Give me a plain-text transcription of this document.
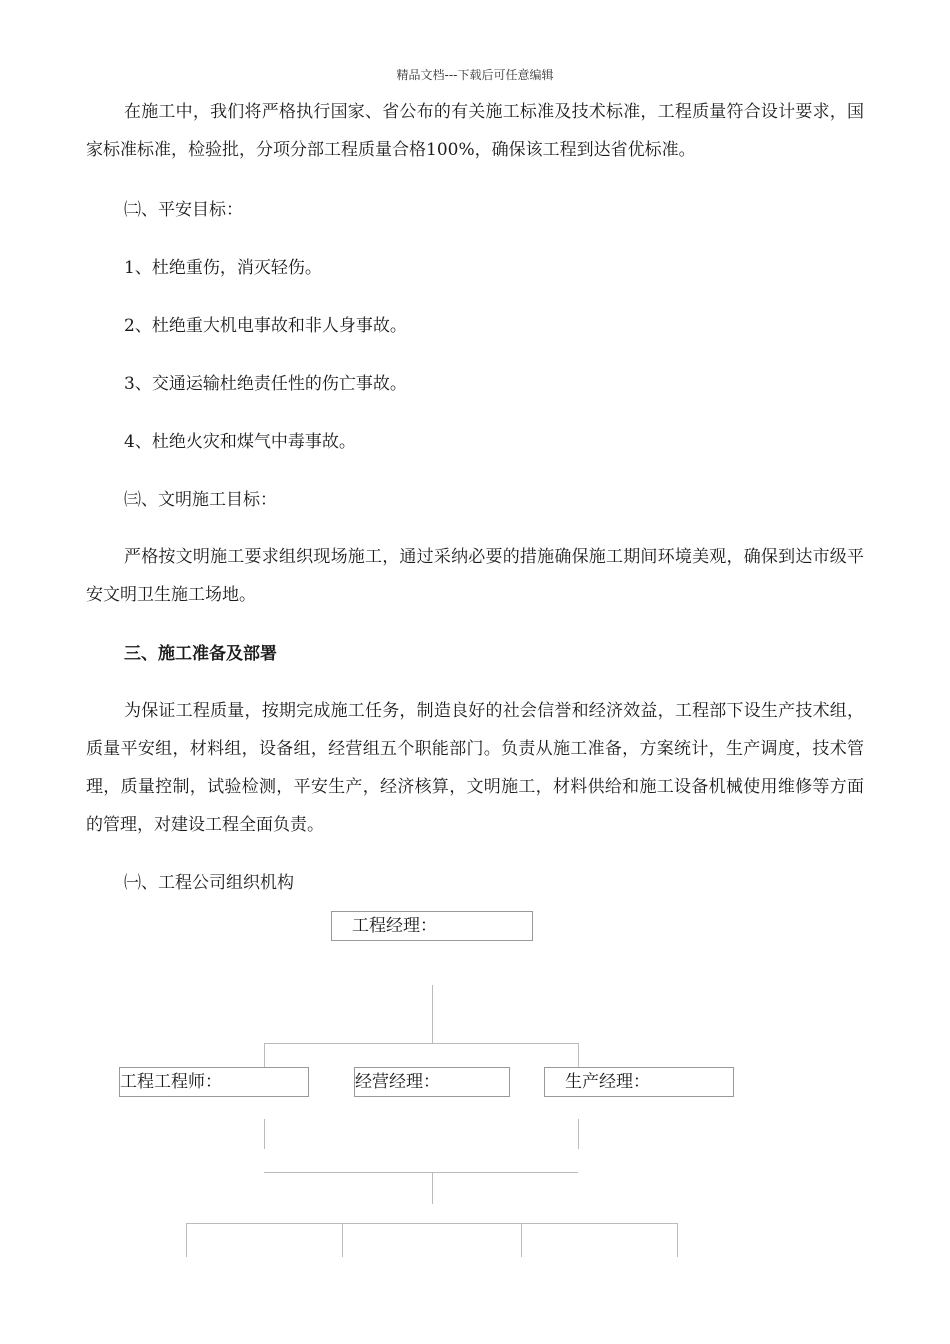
精品文档---下载后可任意编辑

在施工中，我们将严格执行国家、省公布的有关施工标准及技术标准，工程质量符合设计要求，国家标准标准，检验批，分项分部工程质量合格100%，确保该工程到达省优标准。

㈡、平安目标：
1、杜绝重伤，消灭轻伤。
2、杜绝重大机电事故和非人身事故。
3、交通运输杜绝责任性的伤亡事故。
4、杜绝火灾和煤气中毒事故。
㈢、文明施工目标：

严格按文明施工要求组织现场施工，通过采纳必要的措施确保施工期间环境美观，确保到达市级平安文明卫生施工场地。

三、施工准备及部署

为保证工程质量，按期完成施工任务，制造良好的社会信誉和经济效益，工程部下设生产技术组，质量平安组，材料组，设备组，经营组五个职能部门。负责从施工准备，方案统计，生产调度，技术管理，质量控制，试验检测，平安生产，经济核算，文明施工，材料供给和施工设备机械使用维修等方面的管理，对建设工程全面负责。

㈠、工程公司组织机构
工程经理：
工程工程师：	经营经理：	生产经理：
